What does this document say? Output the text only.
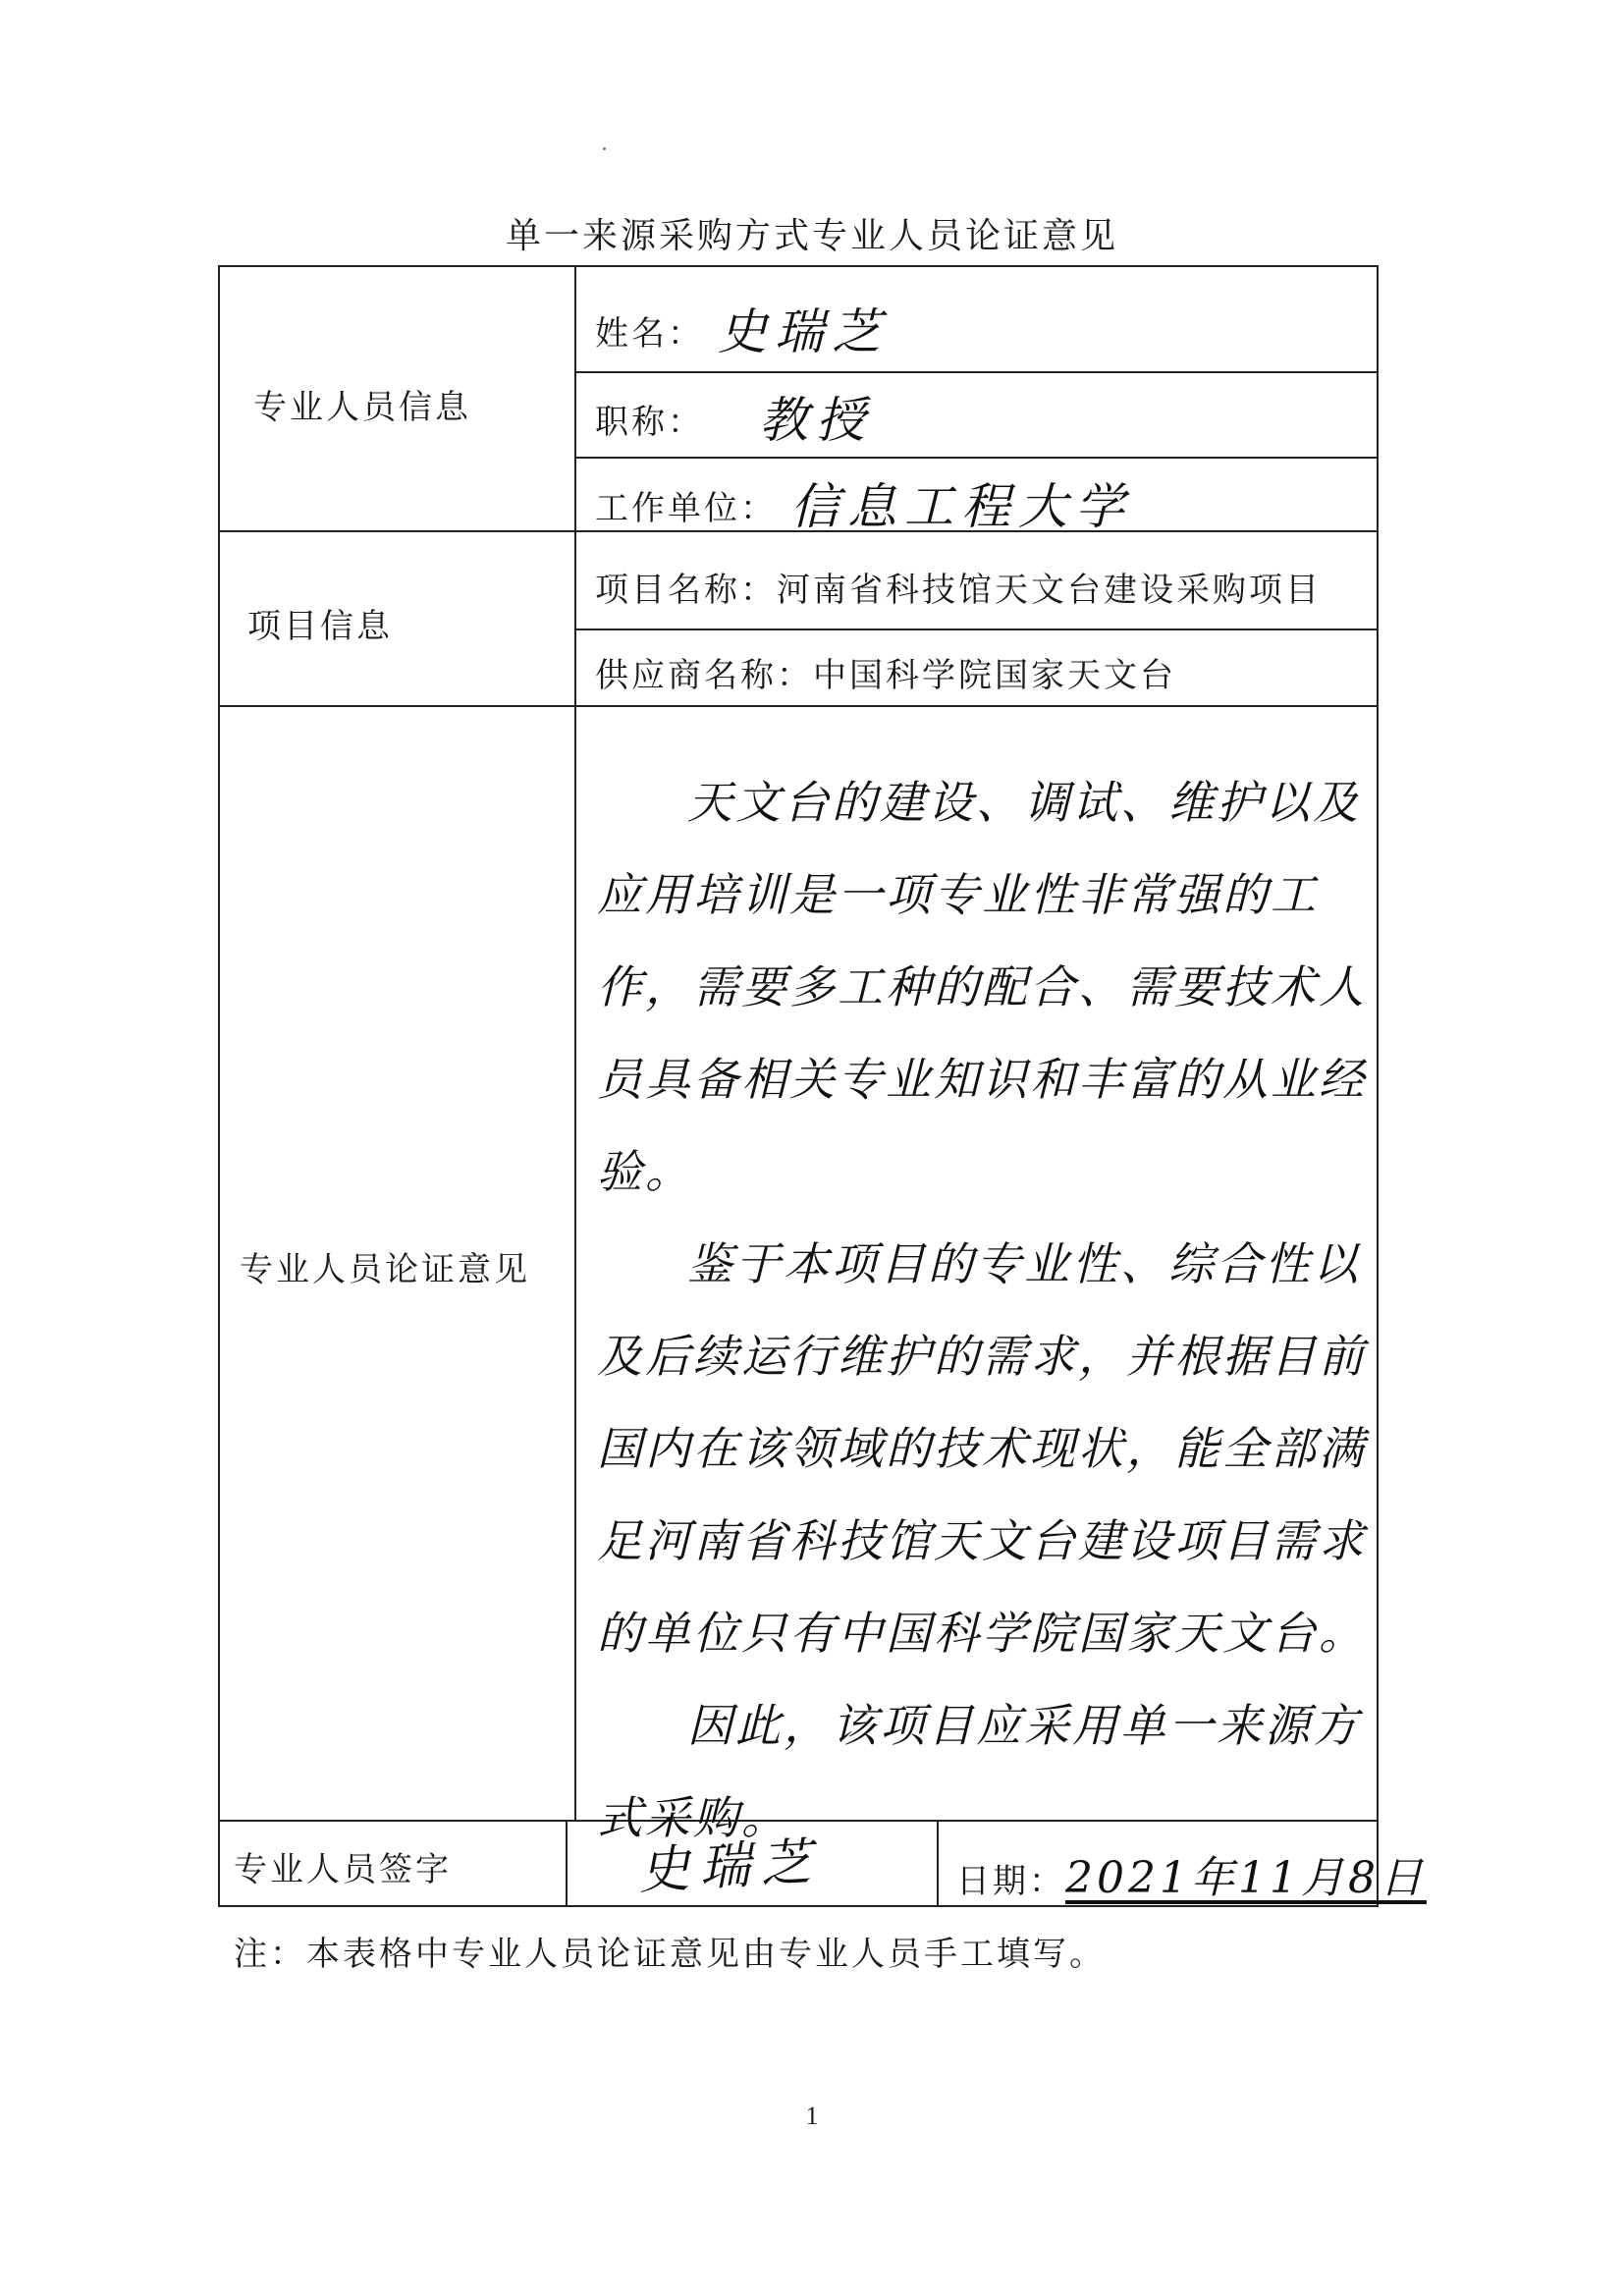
单一来源采购方式专业人员论证意见
专业人员信息
姓名： 史瑞芝
职称： 教授
工作单位： 信息工程大学
项目信息
项目名称：河南省科技馆天文台建设采购项目
供应商名称：中国科学院国家天文台
专业人员论证意见

天文台的建设、调试、维护以及应用培训是一项专业性非常强的工作，需要多工种的配合、需要技术人员具备相关专业知识和丰富的从业经验。

鉴于本项目的专业性、综合性以及后续运行维护的需求，并根据目前国内在该领域的技术现状，能全部满足河南省科技馆天文台建设项目需求的单位只有中国科学院国家天文台。

因此，该项目应采用单一来源方式采购。

专业人员签字	史瑞芝	日期：2021年11月8日
注：本表格中专业人员论证意见由专业人员手工填写。
1
